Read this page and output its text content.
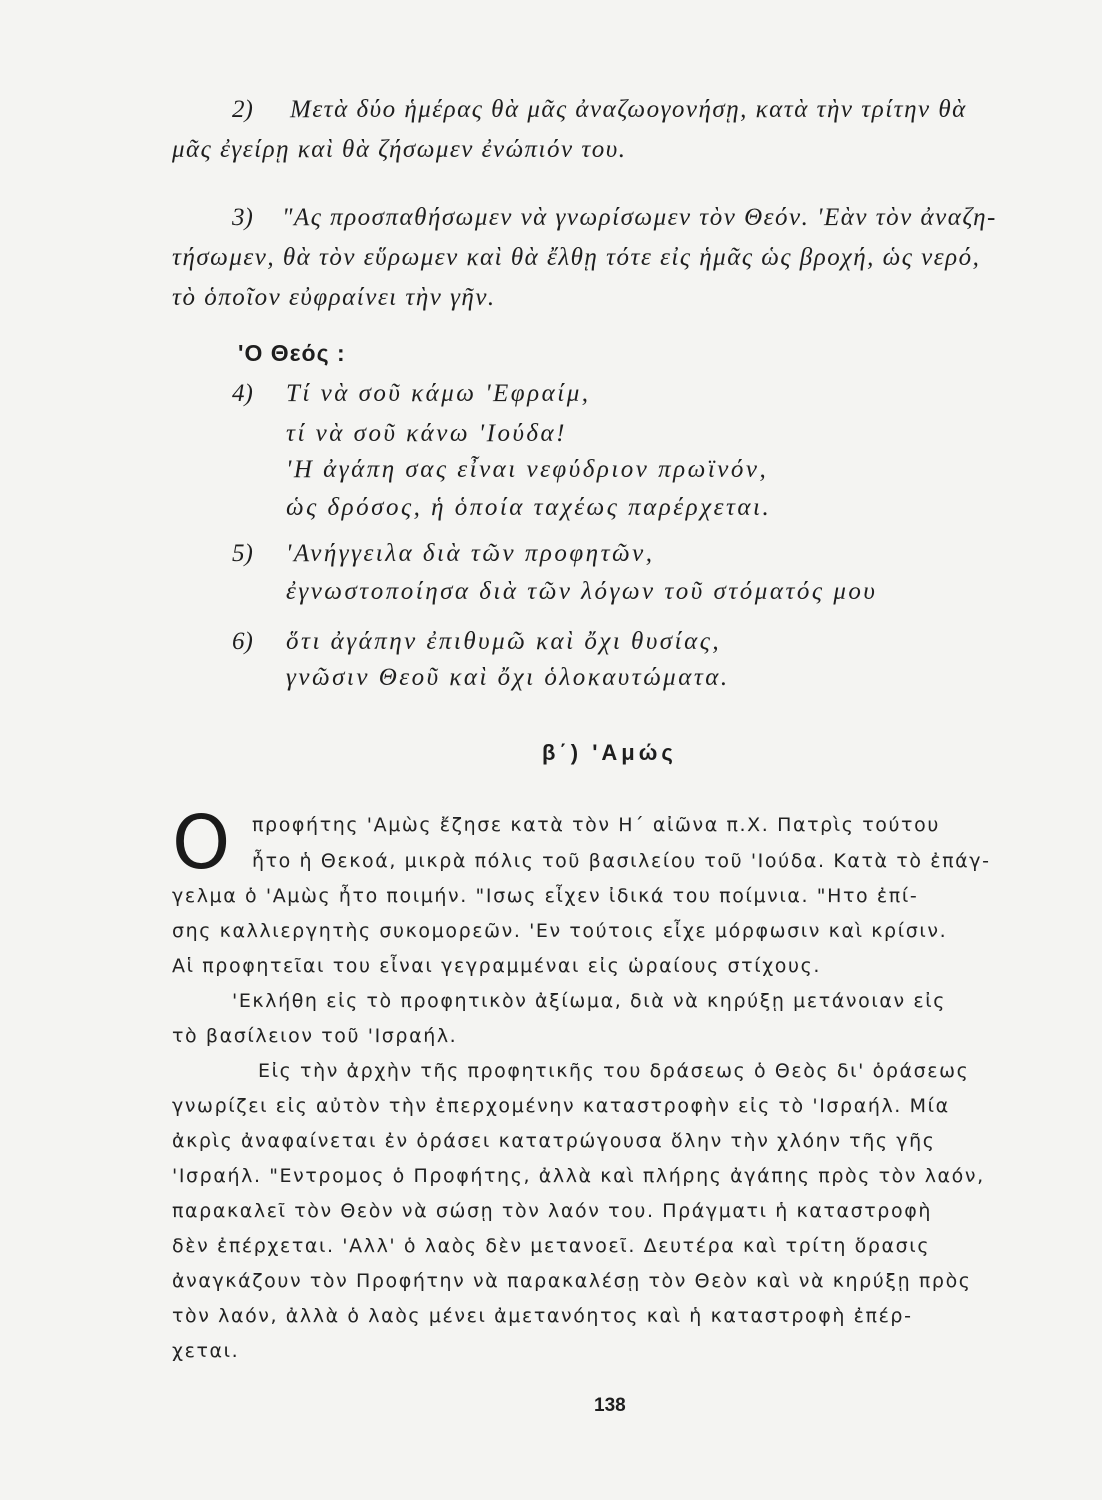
2) Μετὰ δύο ἡμέρας θὰ μᾶς ἀναζωογονήσῃ, κατὰ τὴν τρίτην θὰ
μᾶς ἐγείρῃ καὶ θὰ ζήσωμεν ἐνώπιόν του.
3) "Ας προσπαθήσωμεν νὰ γνωρίσωμεν τὸν Θεόν. 'Εὰν τὸν ἀναζη-
τήσωμεν, θὰ τὸν εὕρωμεν καὶ θὰ ἔλθῃ τότε εἰς ἡμᾶς ὡς βροχή, ὡς νερό,
τὸ ὁποῖον εὐφραίνει τὴν γῆν.
'Ο Θεός :
4) Τί νὰ σοῦ κάμω 'Εφραίμ,
τί νὰ σοῦ κάνω 'Ιούδα!
'Η ἀγάπη σας εἶναι νεφύδριον πρωϊνόν,
ὡς δρόσος, ἡ ὁποία ταχέως παρέρχεται.
5) 'Ανήγγειλα διὰ τῶν προφητῶν,
ἐγνωστοποίησα διὰ τῶν λόγων τοῦ στόματός μου
6) ὅτι ἀγάπην ἐπιθυμῶ καὶ ὄχι θυσίας,
γνῶσιν Θεοῦ καὶ ὄχι ὁλοκαυτώματα.
β΄) 'Αμώς
Ο προφήτης 'Αμὼς ἔζησε κατὰ τὸν Η΄ αἰῶνα π.Χ. Πατρὶς τούτου
ἦτο ἡ Θεκοά, μικρὰ πόλις τοῦ βασιλείου τοῦ 'Ιούδα. Κατὰ τὸ ἐπάγ-
γελμα ὁ 'Αμὼς ἦτο ποιμήν. "Ισως εἶχεν ἰδικά του ποίμνια. "Ητο ἐπί-
σης καλλιεργητὴς συκομορεῶν. 'Εν τούτοις εἶχε μόρφωσιν καὶ κρίσιν.
Αἱ προφητεῖαι του εἶναι γεγραμμέναι εἰς ὡραίους στίχους.
'Εκλήθη εἰς τὸ προφητικὸν ἀξίωμα, διὰ νὰ κηρύξῃ μετάνοιαν εἰς
τὸ βασίλειον τοῦ 'Ισραήλ.
Εἰς τὴν ἀρχὴν τῆς προφητικῆς του δράσεως ὁ Θεὸς δι' ὁράσεως
γνωρίζει εἰς αὐτὸν τὴν ἐπερχομένην καταστροφὴν εἰς τὸ 'Ισραήλ. Μία
ἀκρὶς ἀναφαίνεται ἐν ὁράσει κατατρώγουσα ὅλην τὴν χλόην τῆς γῆς
'Ισραήλ. "Εντρομος ὁ Προφήτης, ἀλλὰ καὶ πλήρης ἀγάπης πρὸς τὸν λαόν,
παρακαλεῖ τὸν Θεὸν νὰ σώσῃ τὸν λαόν του. Πράγματι ἡ καταστροφὴ
δὲν ἐπέρχεται. 'Αλλ' ὁ λαὸς δὲν μετανοεῖ. Δευτέρα καὶ τρίτη ὅρασις
ἀναγκάζουν τὸν Προφήτην νὰ παρακαλέσῃ τὸν Θεὸν καὶ νὰ κηρύξῃ πρὸς
τὸν λαόν, ἀλλὰ ὁ λαὸς μένει ἀμετανόητος καὶ ἡ καταστροφὴ ἐπέρ-
χεται.
138
